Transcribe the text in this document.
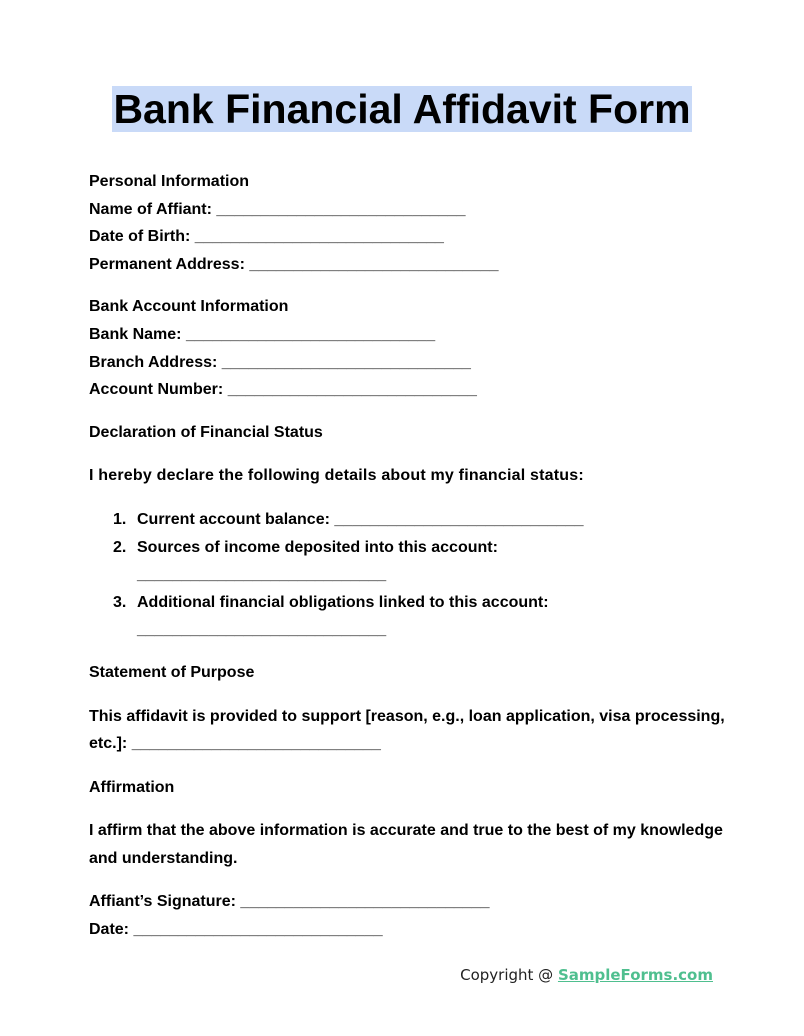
Bank Financial Affidavit Form

Personal Information

Name of Affiant: ____________________________

Date of Birth: ____________________________

Permanent Address: ____________________________

Bank Account Information

Bank Name: ____________________________

Branch Address: ____________________________

Account Number: ____________________________

Declaration of Financial Status

I hereby declare the following details about my financial status:

1. Current account balance: ____________________________
2. Sources of income deposited into this account:
____________________________
3. Additional financial obligations linked to this account:
____________________________

Statement of Purpose

This affidavit is provided to support [reason, e.g., loan application, visa processing, etc.]: ____________________________

Affirmation

I affirm that the above information is accurate and true to the best of my knowledge and understanding.

Affiant’s Signature: ____________________________

Date: ____________________________

Copyright @ SampleForms.com
